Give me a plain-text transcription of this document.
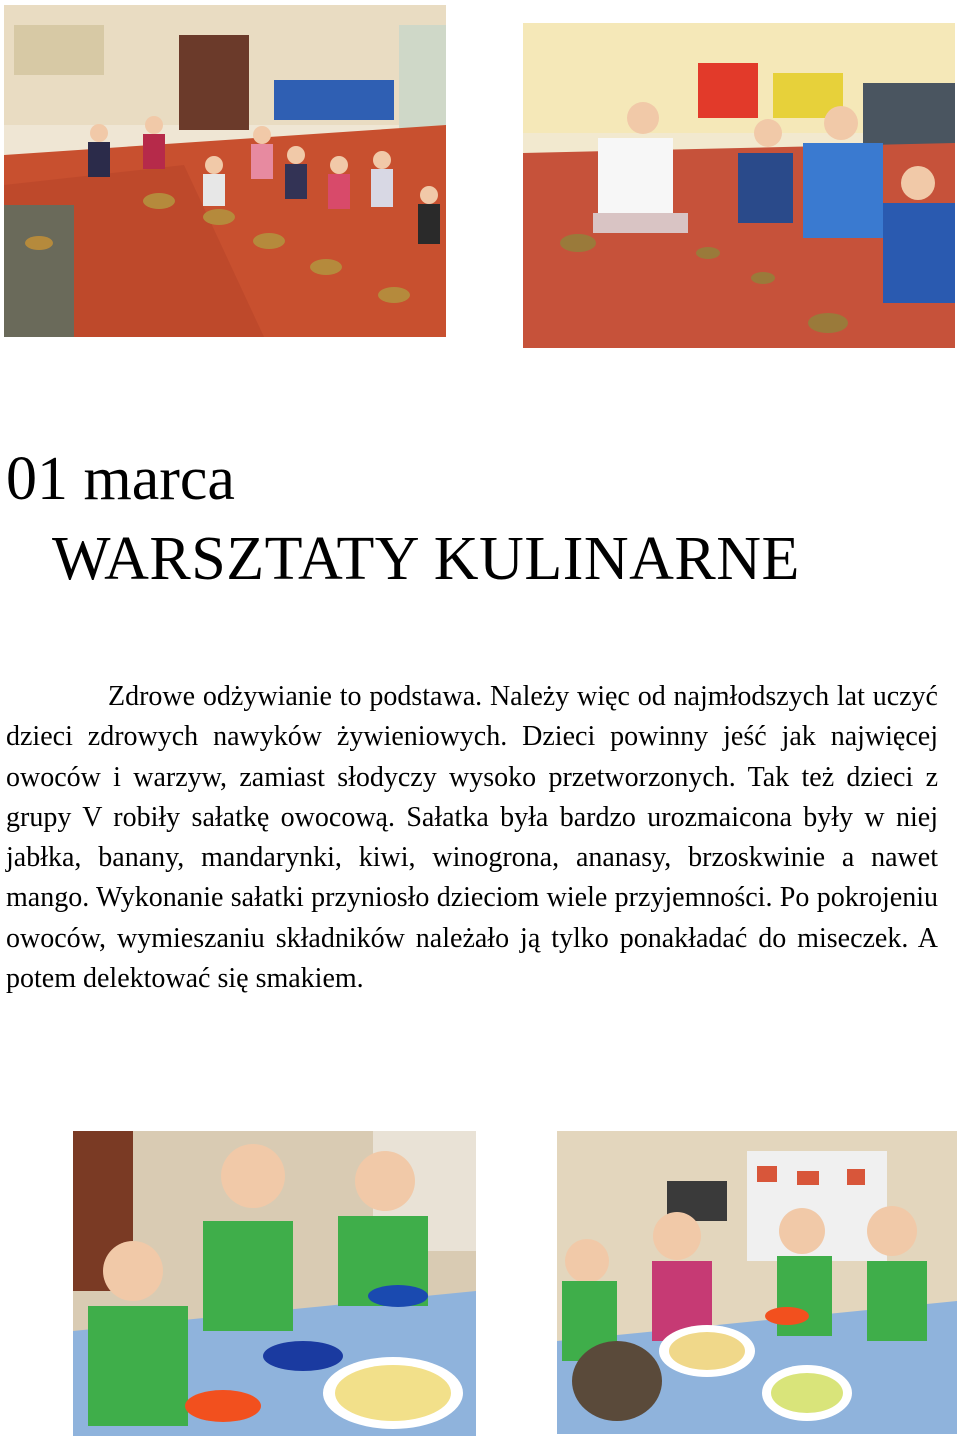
01 marca
WARSZTATY KULINARNE

Zdrowe odżywianie to podstawa. Należy więc od najmłodszych lat uczyć dzieci zdrowych nawyków żywieniowych. Dzieci powinny jeść jak najwięcej owoców i warzyw, zamiast słodyczy wysoko przetworzonych. Tak też dzieci z grupy V robiły sałatkę owocową. Sałatka była bardzo urozmaicona były w niej jabłka, banany, mandarynki, kiwi, winogrona, ananasy, brzoskwinie a nawet mango. Wykonanie sałatki przyniosło dzieciom wiele przyjemności. Po pokrojeniu owoców, wymieszaniu składników należało ją tylko ponakładać do miseczek. A potem delektować się smakiem.
